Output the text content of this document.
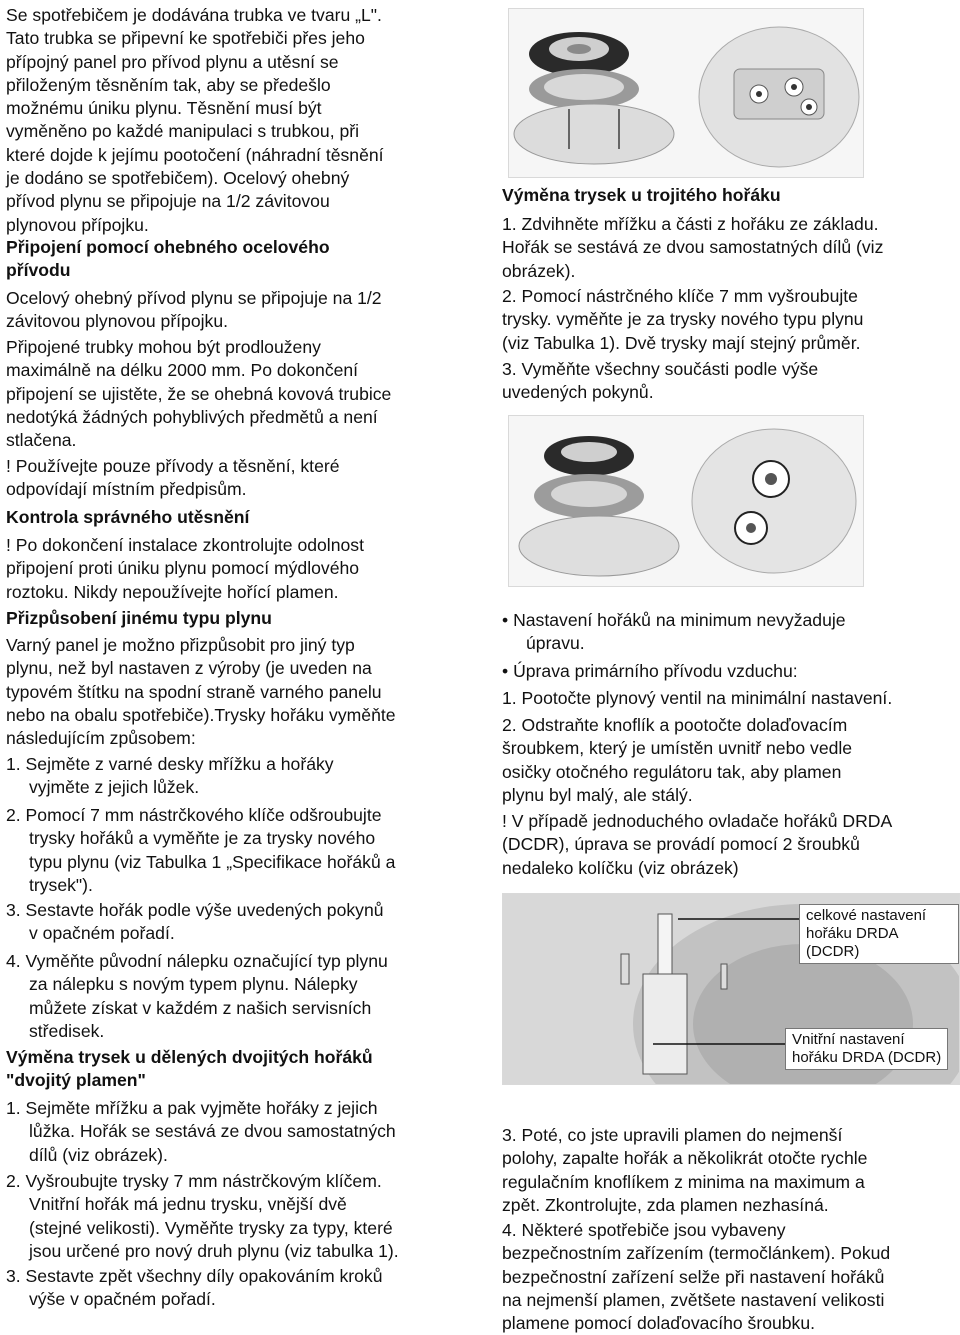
Se spotřebičem je dodávána trubka ve tvaru „L".
Tato trubka se připevní ke spotřebiči přes jeho
přípojný panel pro přívod plynu a utěsní se
přiloženým těsněním tak, aby se předešlo
možnému úniku plynu. Těsnění musí být
vyměněno po každé manipulaci s trubkou, při
které dojde k jejímu pootočení (náhradní těsnění
je dodáno se spotřebičem). Ocelový ohebný
přívod plynu se připojuje na 1/2 závitovou
plynovou přípojku.

Připojení pomocí ohebného ocelového
přívodu

Ocelový ohebný přívod plynu se připojuje na 1/2
závitovou plynovou přípojku.

Připojené trubky mohou být prodlouženy
maximálně na délku 2000 mm. Po dokončení
připojení se ujistěte, že se ohebná kovová trubice
nedotýká žádných pohyblivých předmětů a není
stlačena.

! Používejte pouze přívody a těsnění, které
odpovídají místním předpisům.

Kontrola správného utěsnění

! Po dokončení instalace zkontrolujte odolnost
připojení proti úniku plynu pomocí mýdlového
roztoku. Nikdy nepoužívejte hořící plamen.

Přizpůsobení jinému typu plynu

Varný panel je možno přizpůsobit pro jiný typ
plynu, než byl nastaven z výroby (je uveden na
typovém štítku na spodní straně varného panelu
nebo na obalu spotřebiče).Trysky hořáku vyměňte
následujícím způsobem:

1. Sejměte z varné desky mřížku a hořáky
vyjměte z jejich lůžek.

2. Pomocí 7 mm nástrčkového klíče odšroubujte
trysky hořáků a vyměňte je za trysky nového
typu plynu (viz Tabulka 1 „Specifikace hořáků a
trysek").

3. Sestavte hořák podle výše uvedených pokynů
v opačném pořadí.

4. Vyměňte původní nálepku označující typ plynu
za nálepku s novým typem plynu. Nálepky
můžete získat v každém z našich servisních
středisek.

Výměna trysek u dělených dvojitých hořáků
"dvojitý plamen"

1. Sejměte mřížku a pak vyjměte hořáky z jejich
lůžka. Hořák se sestává ze dvou samostatných
dílů (viz obrázek).

2. Vyšroubujte trysky 7 mm nástrčkovým klíčem.
Vnitřní hořák má jednu trysku, vnější dvě
(stejné velikosti). Vyměňte trysky za typy, které
jsou určené pro nový druh plynu (viz tabulka 1).

3. Sestavte zpět všechny díly opakováním kroků
výše v opačném pořadí.

Výměna trysek u trojitého hořáku

1. Zdvihněte mřížku a části z hořáku ze základu.
Hořák se sestává ze dvou samostatných dílů (viz
obrázek).

2. Pomocí nástrčného klíče 7 mm vyšroubujte
trysky. vyměňte je za trysky nového typu plynu
(viz Tabulka 1). Dvě trysky mají stejný průměr.

3. Vyměňte všechny součásti podle výše
uvedených pokynů.

• Nastavení hořáků na minimum nevyžaduje
úpravu.

• Úprava primárního přívodu vzduchu:

1. Pootočte plynový ventil na minimální nastavení.

2. Odstraňte knoflík a pootočte dolaďovacím
šroubkem, který je umístěn uvnitř nebo vedle
osičky otočného regulátoru tak, aby plamen
plynu byl malý, ale stálý.

! V případě jednoduchého ovladače hořáků DRDA
(DCDR), úprava se provádí pomocí 2 šroubků
nedaleko kolíčku (viz obrázek)

celkové nastavení
hořáku DRDA (DCDR)
Vnitřní nastavení
hořáku DRDA (DCDR)

3. Poté, co jste upravili plamen do nejmenší
polohy, zapalte hořák a několikrát otočte rychle
regulačním knoflíkem z minima na maximum a
zpět. Zkontrolujte, zda plamen nezhasíná.

4. Některé spotřebiče jsou vybaveny
bezpečnostním zařízením (termočlánkem). Pokud
bezpečnostní zařízení selže při nastavení hořáků
na nejmenší plamen, zvětšete nastavení velikosti
plamene pomocí dolaďovacího šroubku.
